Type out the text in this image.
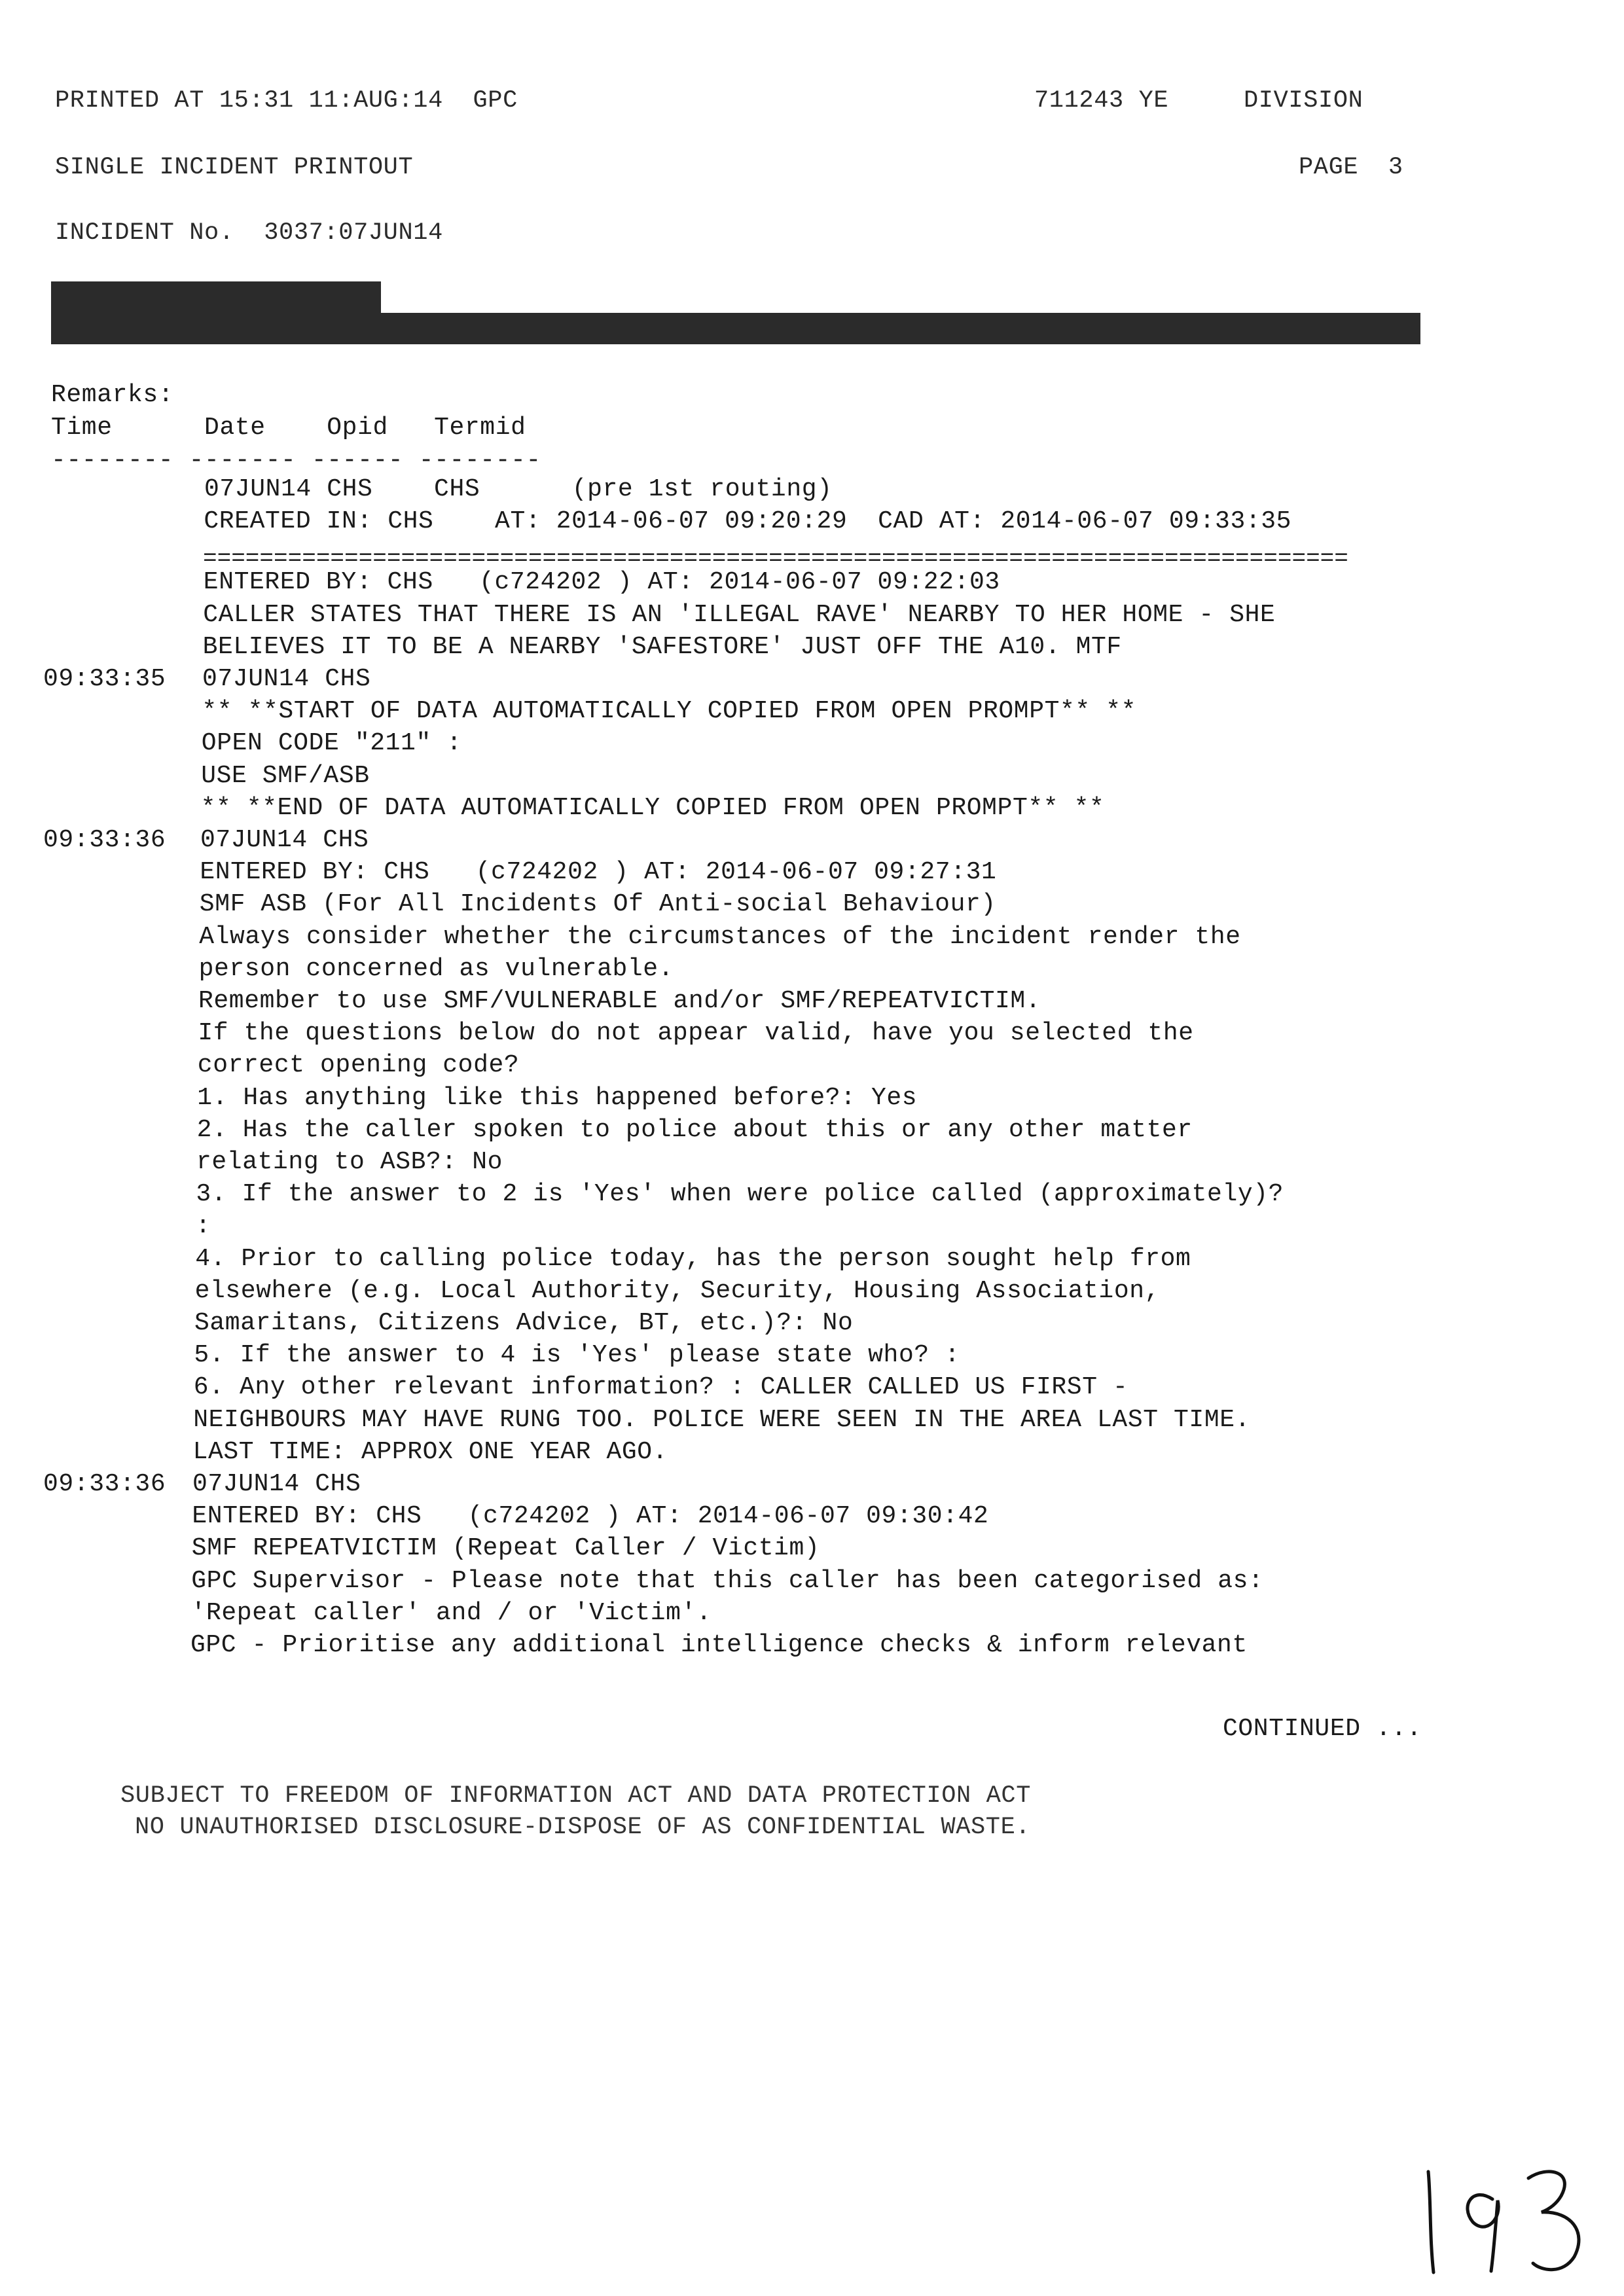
PRINTED AT 15:31 11:AUG:14  GPC	711243 YE	DIVISION
SINGLE INCIDENT PRINTOUT	PAGE  3
INCIDENT No.  3037:07JUN14
Remarks:
Time      Date    Opid   Termid
-------- ------- ------ --------
07JUN14 CHS    CHS      (pre 1st routing)
CREATED IN: CHS    AT: 2014-06-07 09:20:29  CAD AT: 2014-06-07 09:33:35
ENTERED BY: CHS   (c724202 ) AT: 2014-06-07 09:22:03
CALLER STATES THAT THERE IS AN 'ILLEGAL RAVE' NEARBY TO HER HOME - SHE
BELIEVES IT TO BE A NEARBY 'SAFESTORE' JUST OFF THE A10. MTF
09:33:35 07JUN14 CHS
** **START OF DATA AUTOMATICALLY COPIED FROM OPEN PROMPT** **
OPEN CODE "211" :
USE SMF/ASB
** **END OF DATA AUTOMATICALLY COPIED FROM OPEN PROMPT** **
09:33:36 07JUN14 CHS
ENTERED BY: CHS   (c724202 ) AT: 2014-06-07 09:27:31
SMF ASB (For All Incidents Of Anti-social Behaviour)
Always consider whether the circumstances of the incident render the
person concerned as vulnerable.
Remember to use SMF/VULNERABLE and/or SMF/REPEATVICTIM.
If the questions below do not appear valid, have you selected the
correct opening code?
1. Has anything like this happened before?: Yes
2. Has the caller spoken to police about this or any other matter
relating to ASB?: No
3. If the answer to 2 is 'Yes' when were police called (approximately)?
:
4. Prior to calling police today, has the person sought help from
elsewhere (e.g. Local Authority, Security, Housing Association,
Samaritans, Citizens Advice, BT, etc.)?: No
5. If the answer to 4 is 'Yes' please state who? :
6. Any other relevant information? : CALLER CALLED US FIRST -
NEIGHBOURS MAY HAVE RUNG TOO. POLICE WERE SEEN IN THE AREA LAST TIME.
LAST TIME: APPROX ONE YEAR AGO.
09:33:36 07JUN14 CHS
ENTERED BY: CHS   (c724202 ) AT: 2014-06-07 09:30:42
SMF REPEATVICTIM (Repeat Caller / Victim)
GPC Supervisor - Please note that this caller has been categorised as:
'Repeat caller' and / or 'Victim'.
GPC - Prioritise any additional intelligence checks & inform relevant
=================================================================================
CONTINUED ...
SUBJECT TO FREEDOM OF INFORMATION ACT AND DATA PROTECTION ACT
NO UNAUTHORISED DISCLOSURE-DISPOSE OF AS CONFIDENTIAL WASTE.
